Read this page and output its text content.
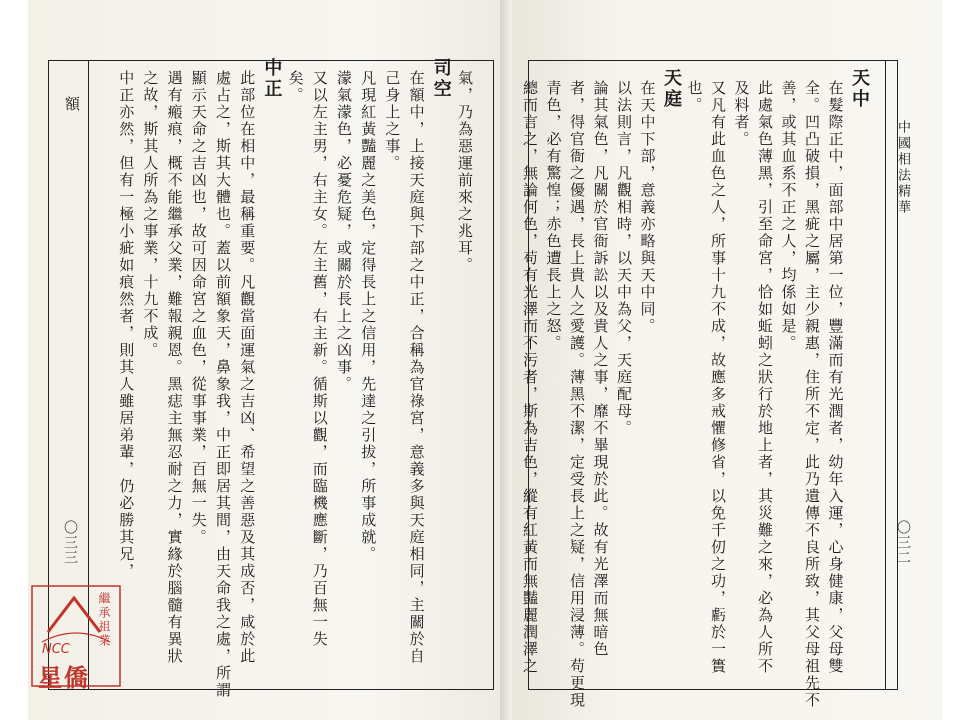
額
〇三三
中國相法精華
〇三二
氣，乃為惡運前來之兆耳。
司空
在額中，上接天庭與下部之中正，合稱為官祿宮，意義多與天庭相同，主關於自
己身上之事。
凡現紅黃豔麗之美色，定得長上之信用，先達之引拔，所事成就。
濛氣濛色，必憂危疑，或關於長上之凶事。
又以左主男，右主女。左主舊，右主新。循斯以觀，而臨機應斷，乃百無一失
矣。
中正
此部位在相中，最稱重要。凡觀當面運氣之吉凶、希望之善惡及其成否，咸於此
處占之，斯其大體也。蓋以前額象天，鼻象我，中正即居其間，由天命我之處，所謂
顯示天命之吉凶也，故可因命宮之血色，從事事業，百無一失。
遇有瘢痕，概不能繼承父業，難報親恩。黑痣主無忍耐之力，實緣於腦髓有異狀
之故，斯其人所為之事業，十九不成。
中正亦然，但有一極小疵如痕然者，則其人雖居弟輩，仍必勝其兄，	天中
在髮際正中，面部中居第一位，豐滿而有光潤者，幼年入運，心身健康，父母雙
全。凹凸破損，黑疵之屬，主少親惠，住所不定，此乃遺傳不良所致，其父母祖先不
善，或其血系不正之人，均係如是。
此處氣色薄黑，引至命宮，恰如蚯蚓之狀行於地上者，其災難之來，必為人所不
及料者。
又凡有此血色之人，所事十九不成，故應多戒懼修省，以免千仞之功，虧於一簣
也。
天庭
在天中下部，意義亦略與天中同。
以法則言，凡觀相時，以天中為父，天庭配母。
論其氣色，凡關於官衙訴訟以及貴人之事，靡不畢現於此。故有光澤而無暗色
者，得官衙之優遇，長上貴人之愛護。薄黑不潔，定受長上之疑，信用浸薄。苟更現
青色，必有驚惶；赤色遭長上之怒。
總而言之，無論何色，苟有光澤而不污者，斯為吉色，縱有紅黃而無豔麗潤澤之
繼承祖業
NCC
星僑
